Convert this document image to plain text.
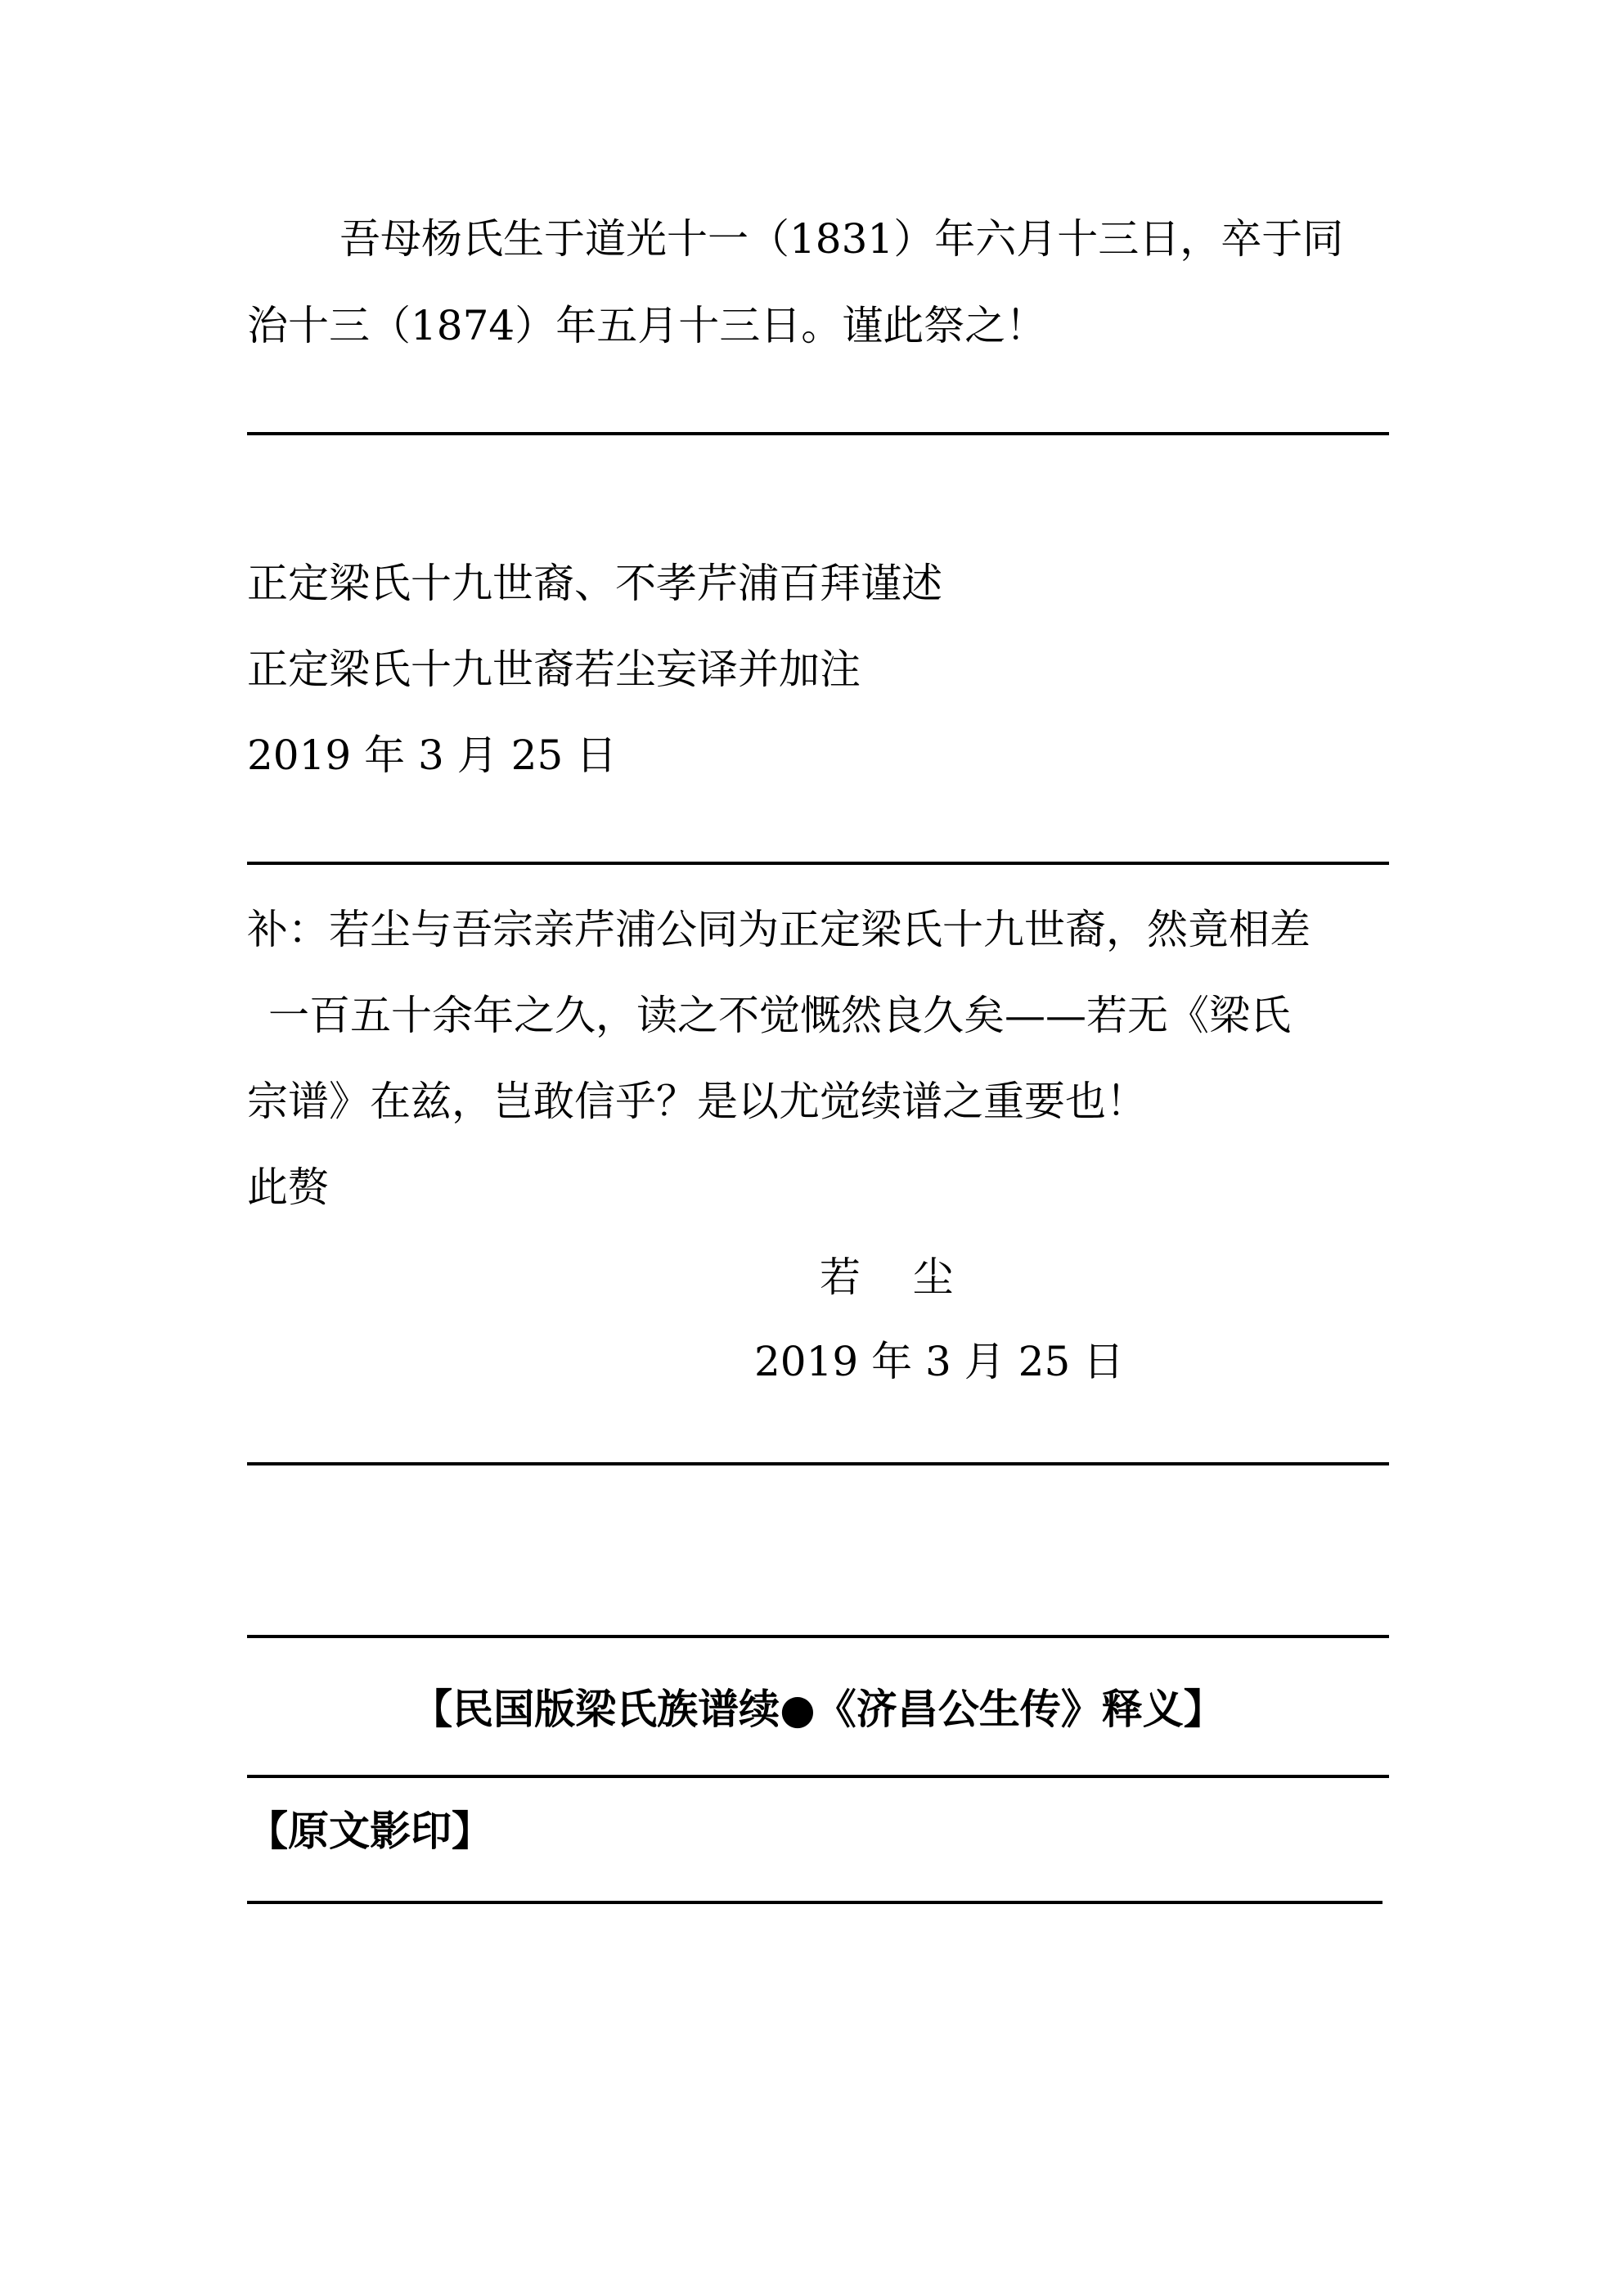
吾母杨氏生于道光十一（1831）年六月十三日，卒于同
治十三（1874）年五月十三日。谨此祭之！
正定梁氏十九世裔、不孝芹浦百拜谨述
正定梁氏十九世裔若尘妄译并加注
2019 年 3 月 25 日
补：若尘与吾宗亲芹浦公同为正定梁氏十九世裔，然竟相差
一百五十余年之久，读之不觉慨然良久矣——若无《梁氏
宗谱》在兹，岂敢信乎？是以尤觉续谱之重要也！
此赘
若    尘
2019 年 3 月 25 日
【民国版梁氏族谱续●《济昌公生传》释义】
【原文影印】
